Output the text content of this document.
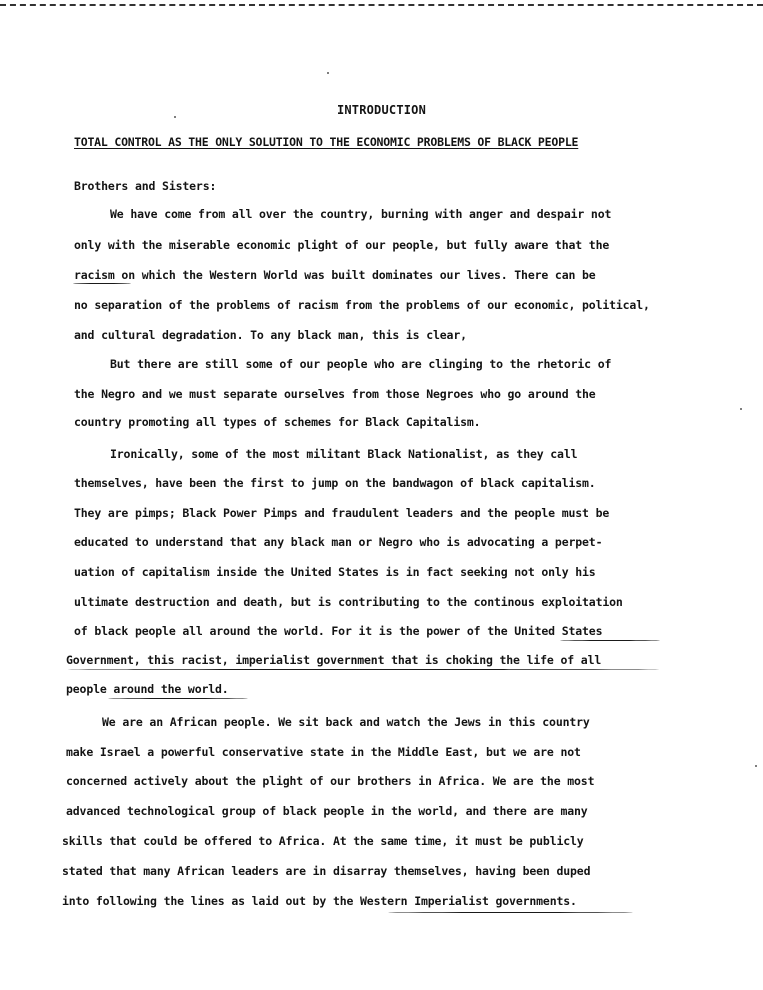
INTRODUCTION
TOTAL CONTROL AS THE ONLY SOLUTION TO THE ECONOMIC PROBLEMS OF BLACK PEOPLE
Brothers and Sisters:
We have come from all over the country, burning with anger and despair not
only with the miserable economic plight of our people, but fully aware that the
racism on which the Western World was built dominates our lives. There can be
no separation of the problems of racism from the problems of our economic, political,
and cultural degradation. To any black man, this is clear,
But there are still some of our people who are clinging to the rhetoric of
the Negro and we must separate ourselves from those Negroes who go around the
country promoting all types of schemes for Black Capitalism.
Ironically, some of the most militant Black Nationalist, as they call
themselves, have been the first to jump on the bandwagon of black capitalism.
They are pimps; Black Power Pimps and fraudulent leaders and the people must be
educated to understand that any black man or Negro who is advocating a perpet-
uation of capitalism inside the United States is in fact seeking not only his
ultimate destruction and death, but is contributing to the continous exploitation
of black people all around the world. For it is the power of the United States
Government, this racist, imperialist government that is choking the life of all
people around the world.
We are an African people. We sit back and watch the Jews in this country
make Israel a powerful conservative state in the Middle East, but we are not
concerned actively about the plight of our brothers in Africa. We are the most
advanced technological group of black people in the world, and there are many
skills that could be offered to Africa. At the same time, it must be publicly
stated that many African leaders are in disarray themselves, having been duped
into following the lines as laid out by the Western Imperialist governments.
